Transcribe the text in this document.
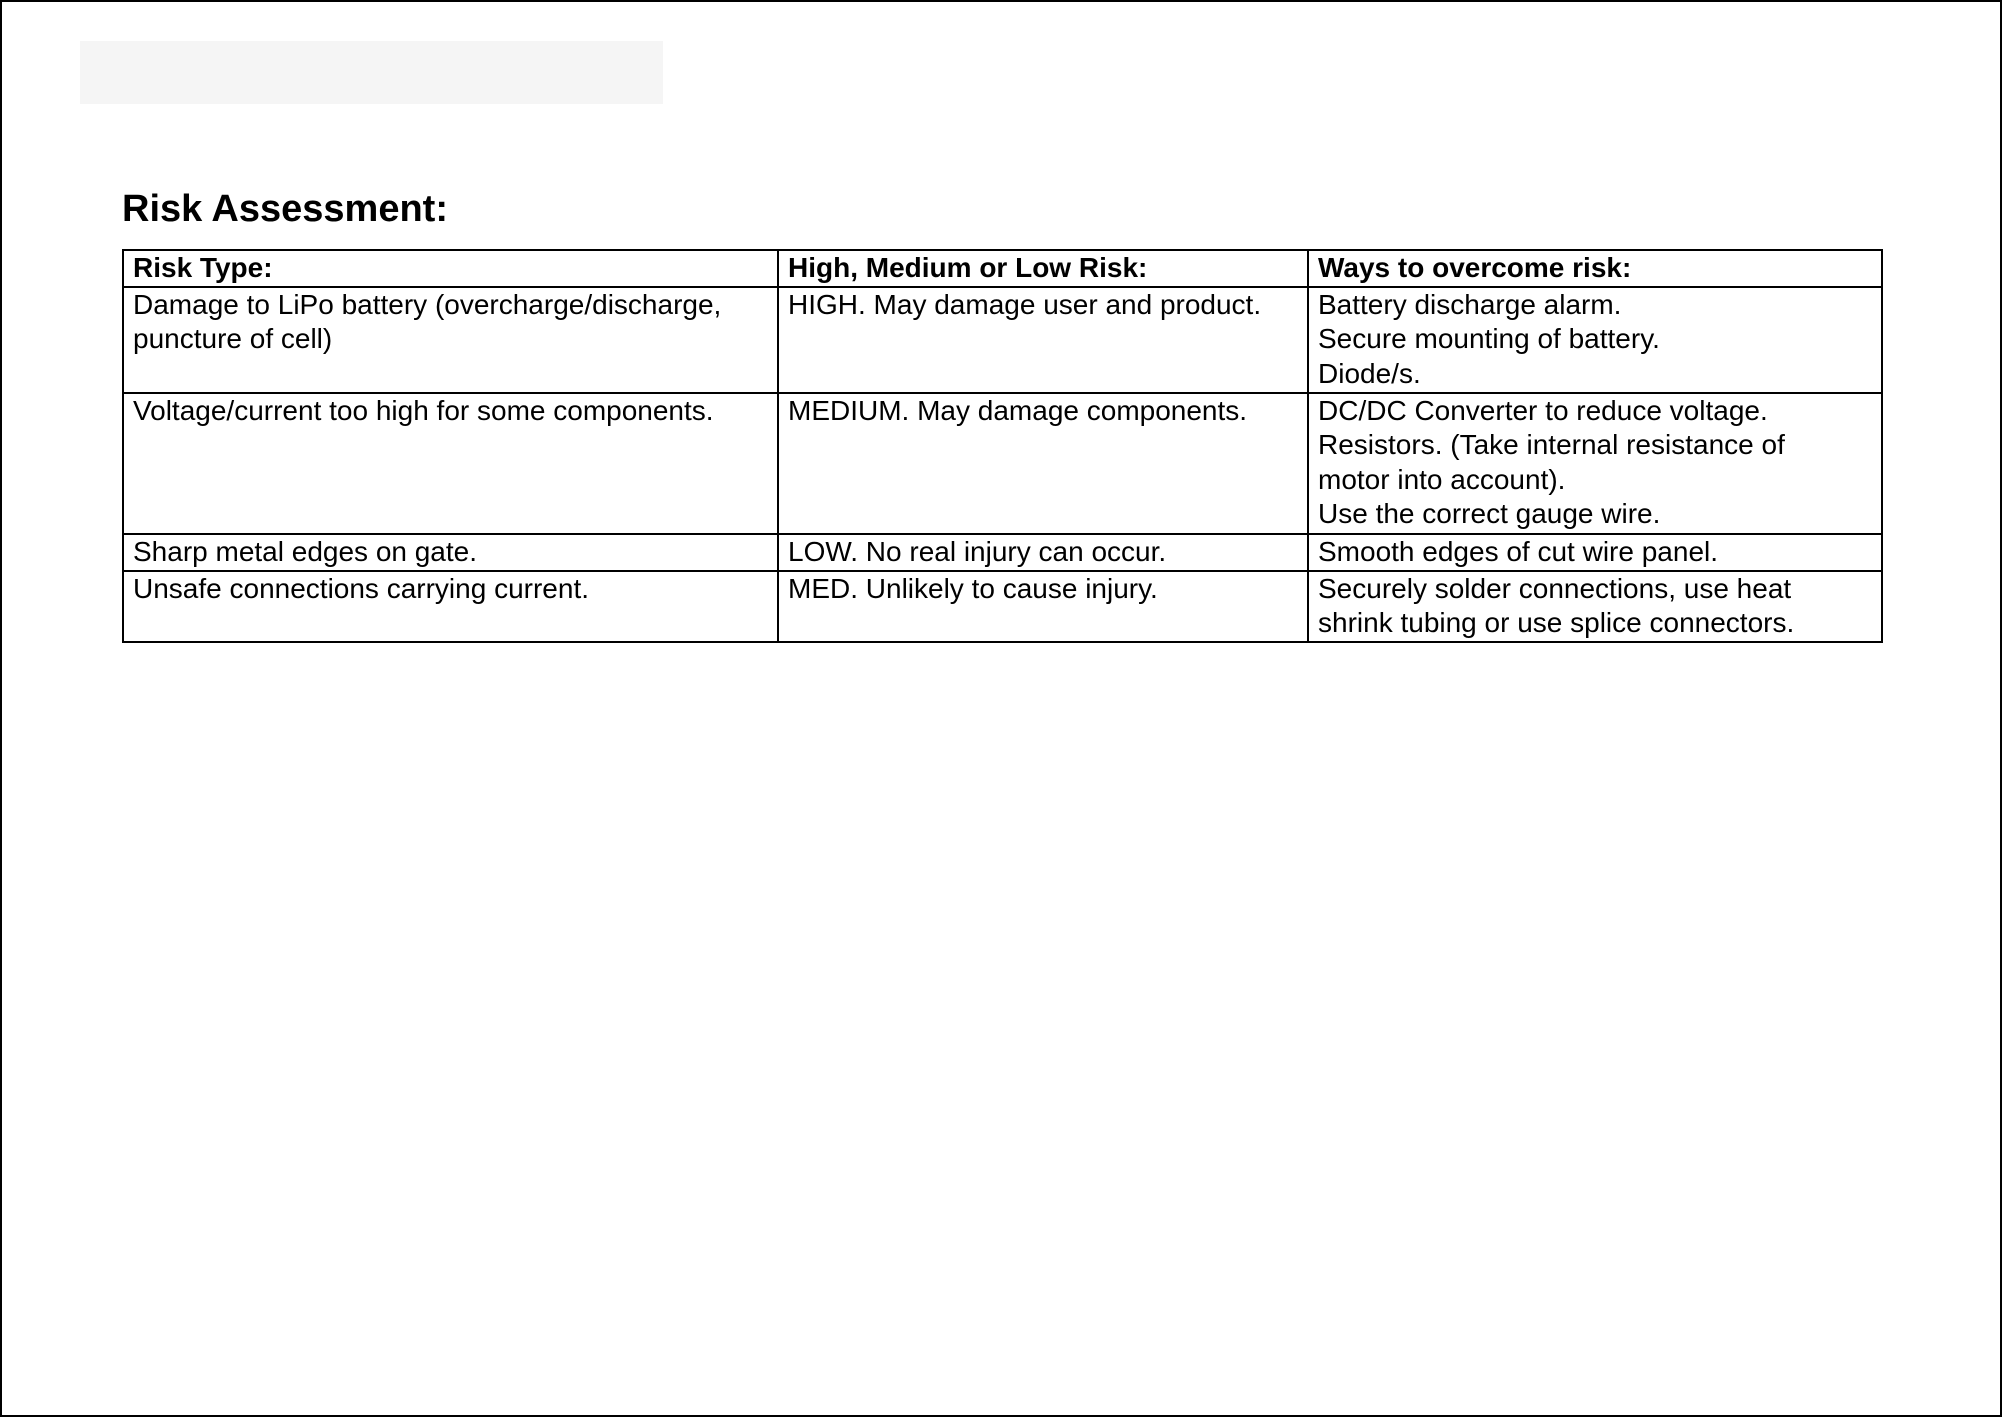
Risk Assessment:
Risk Type:	High, Medium or Low Risk:	Ways to overcome risk:

Damage to LiPo battery (overcharge/discharge,
puncture of cell)	HIGH. May damage user and product.	Battery discharge alarm.
Secure mounting of battery.
Diode/s.

Voltage/current too high for some components.	MEDIUM. May damage components.	DC/DC Converter to reduce voltage.
Resistors. (Take internal resistance of
motor into account).
Use the correct gauge wire.

Sharp metal edges on gate.	LOW. No real injury can occur.	Smooth edges of cut wire panel.

Unsafe connections carrying current.	MED. Unlikely to cause injury.	Securely solder connections, use heat
shrink tubing or use splice connectors.
